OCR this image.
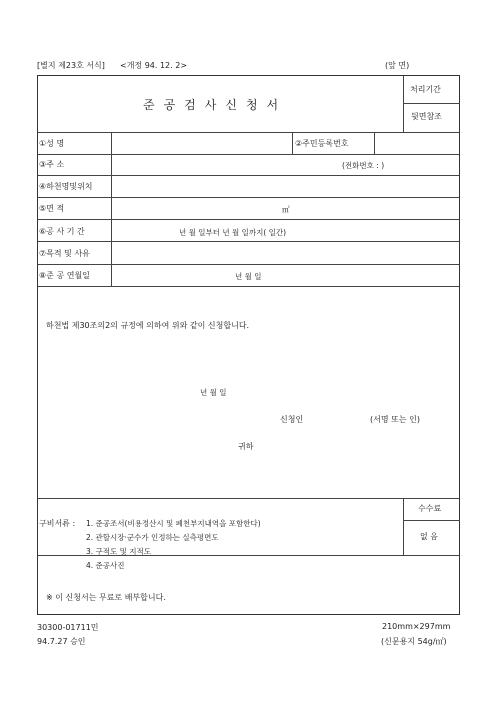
[별지 제23호 서식] <개정 94. 12. 2>	(앞 면)
준공검사신청서
처리기간
뒷면참조
①성 명	②주민등록번호
③주 소	(전화번호 : )
④하천명및위치
⑤면 적	㎡
⑥공 사 기 간	년 월 일부터 년 월 일까지( 일간)
⑦목적 및 사유
⑧준 공 연월일	년 월 일
하천법 제30조의2의 규정에 의하여 위와 같이 신청합니다.
년 월 일
신청인	(서명 또는 인)
귀하
구비서류 : 1. 준공조서(비용정산시 및 폐천부지내역을 포함한다)
2. 관할시장·군수가 인정하는 실측평면도
3. 구적도 및 지적도
4. 준공사진
수수료
없 음
※ 이 신청서는 무료로 배부합니다.
30300-01711민
94.7.27 승인
210mm×297mm
(신문용지 54g/㎡)
